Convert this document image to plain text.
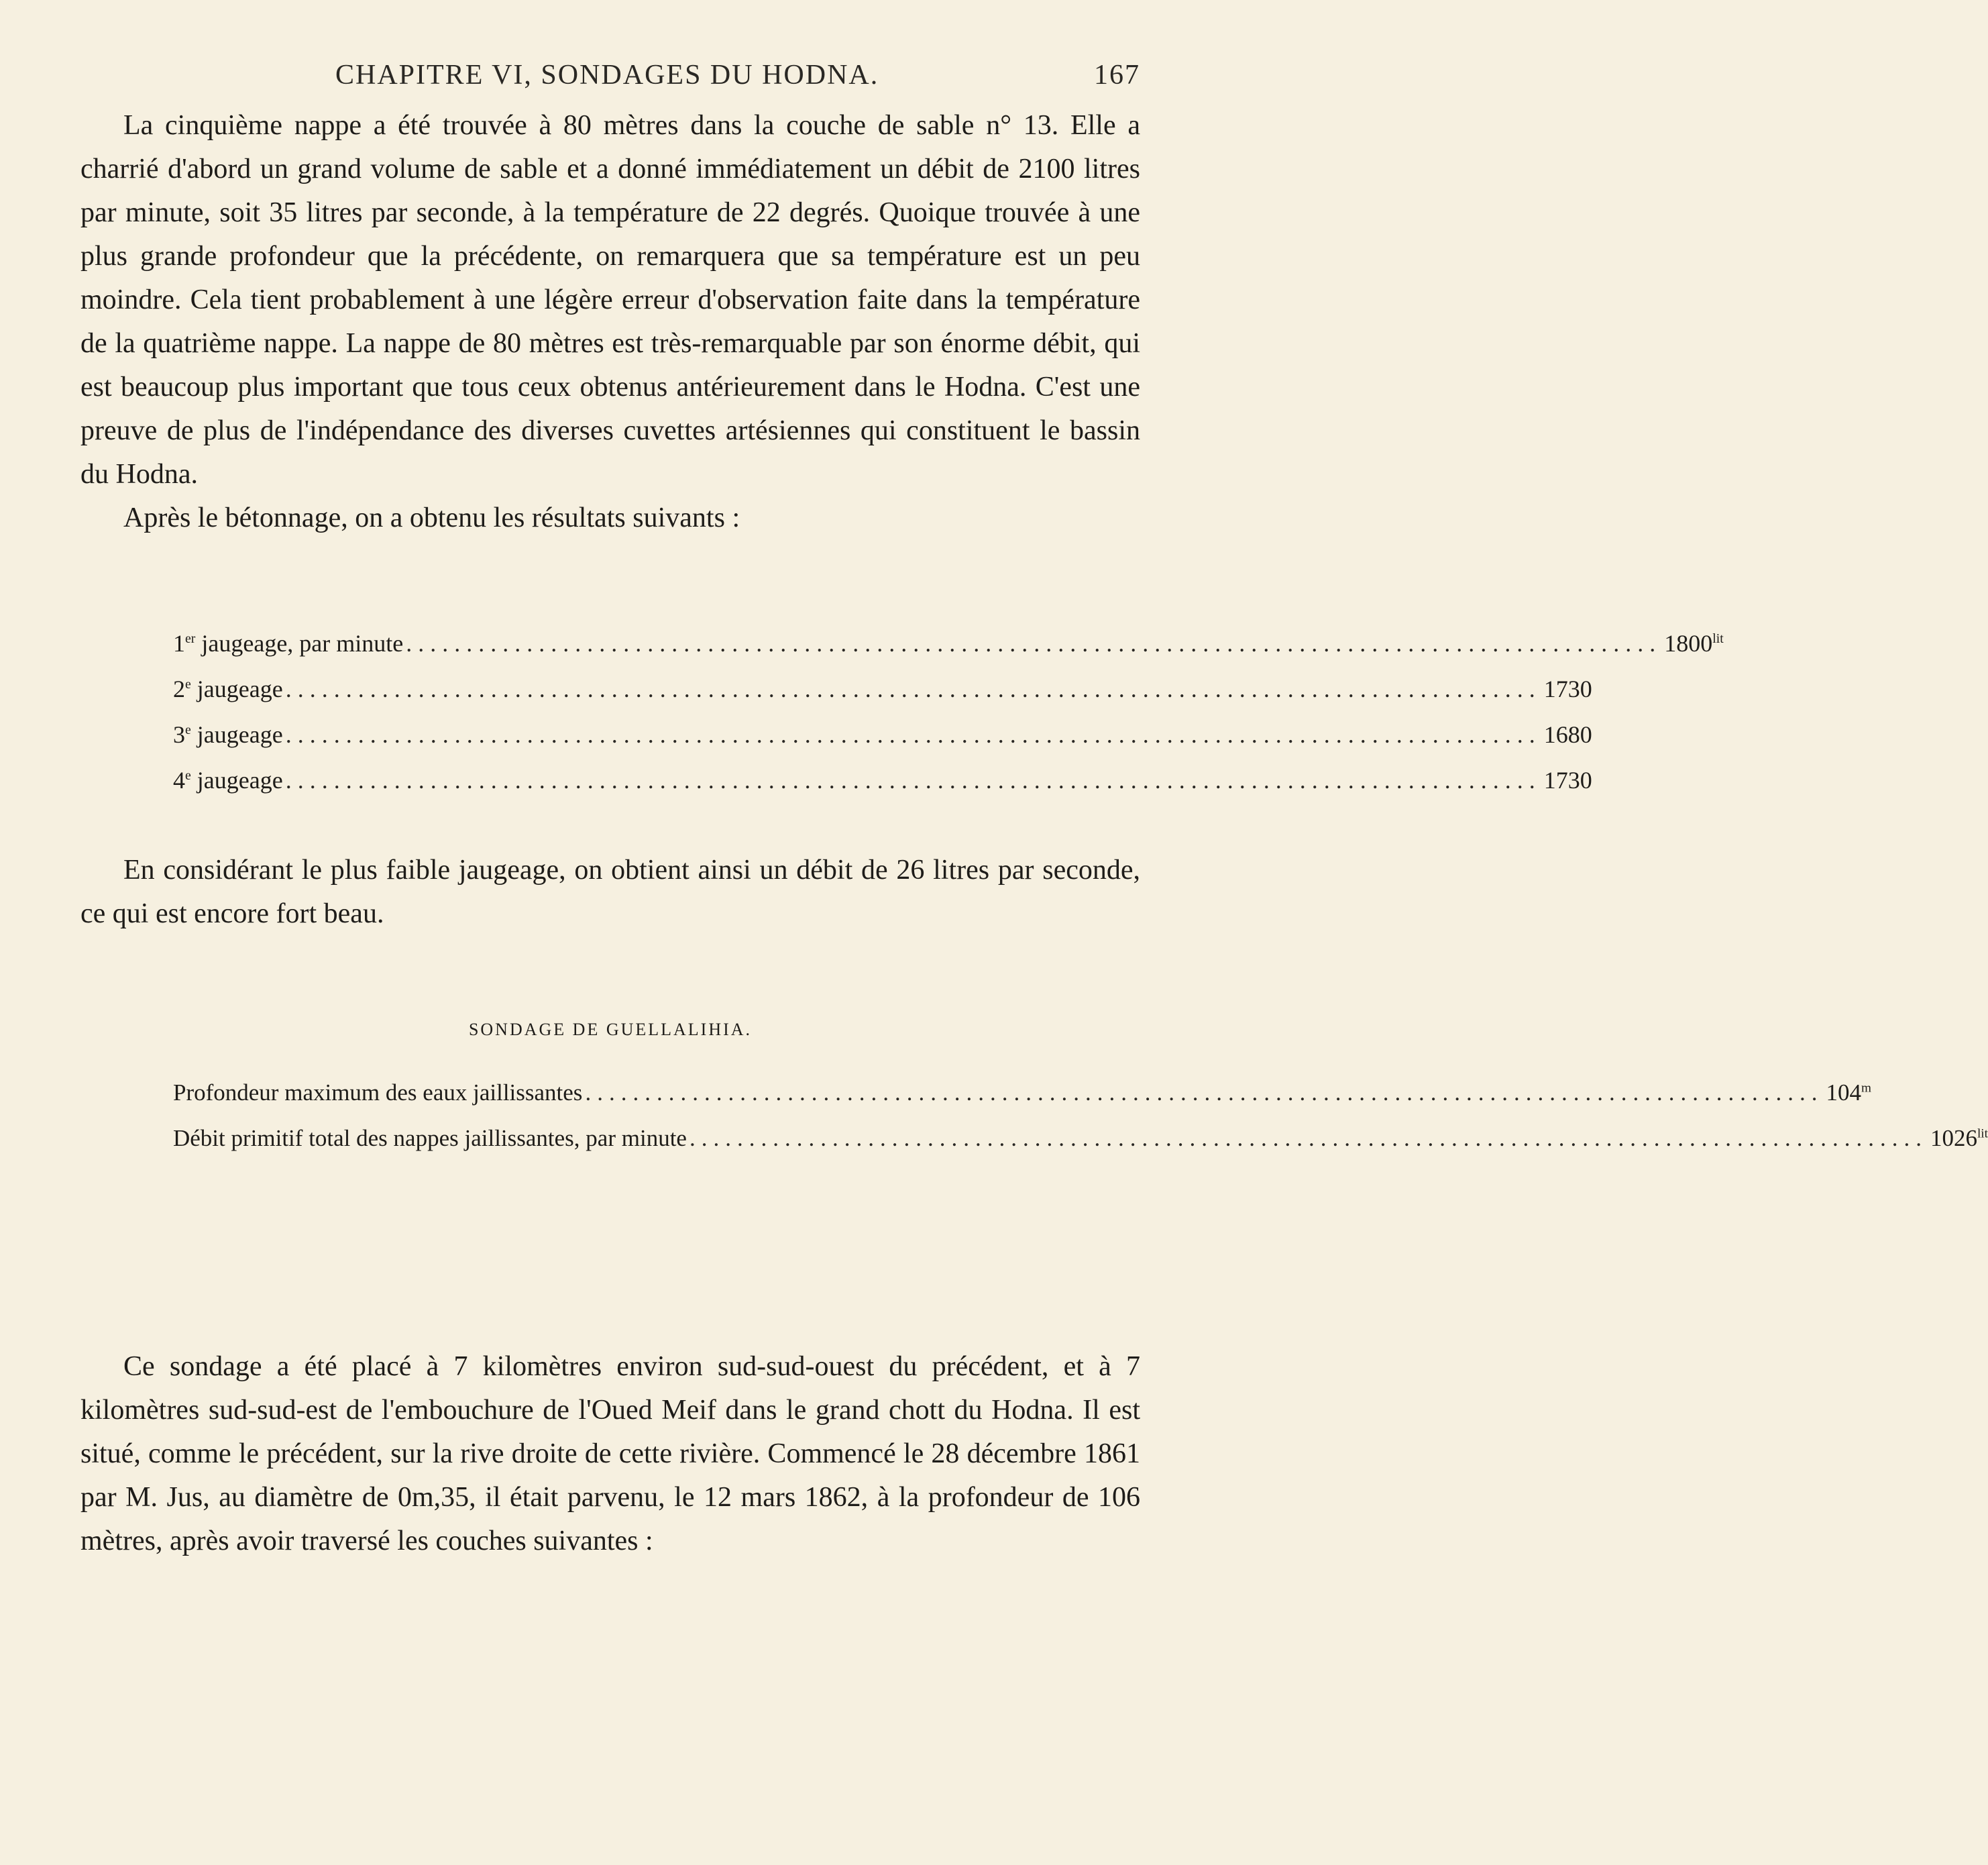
CHAPITRE VI, SONDAGES DU HODNA.	167

La cinquième nappe a été trouvée à 80 mètres dans la couche de sable n° 13. Elle a charrié d'abord un grand volume de sable et a donné immédiatement un débit de 2100 litres par minute, soit 35 litres par seconde, à la température de 22 degrés. Quoique trouvée à une plus grande profondeur que la précédente, on remarquera que sa température est un peu moindre. Cela tient probablement à une légère erreur d'observation faite dans la température de la quatrième nappe. La nappe de 80 mètres est très-remarquable par son énorme débit, qui est beaucoup plus important que tous ceux obtenus antérieurement dans le Hodna. C'est une preuve de plus de l'indépendance des diverses cuvettes artésiennes qui constituent le bassin du Hodna.

Après le bétonnage, on a obtenu les résultats suivants :

1er jaugeage, par minute ........................................................................................................ $1800^{lit}$
2e jaugeage ........................................................................................................ 1730
3e jaugeage ........................................................................................................ 1680
4e jaugeage ........................................................................................................ 1730

En considérant le plus faible jaugeage, on obtient ainsi un débit de 26 litres par seconde, ce qui est encore fort beau.

SONDAGE DE GUELLALIHIA.
Profondeur maximum des eaux jaillissantes ........................................................................................................ 104$^m$
Débit primitif total des nappes jaillissantes, par minute ........................................................................................................ $1026^{lit}$

Ce sondage a été placé à 7 kilomètres environ sud-sud-ouest du précédent, et à 7 kilomètres sud-sud-est de l'embouchure de l'Oued Meif dans le grand chott du Hodna. Il est situé, comme le précédent, sur la rive droite de cette rivière. Commencé le 28 décembre 1861 par M. Jus, au diamètre de 0m,35, il était parvenu, le 12 mars 1862, à la profondeur de 106 mètres, après avoir traversé les couches suivantes :
